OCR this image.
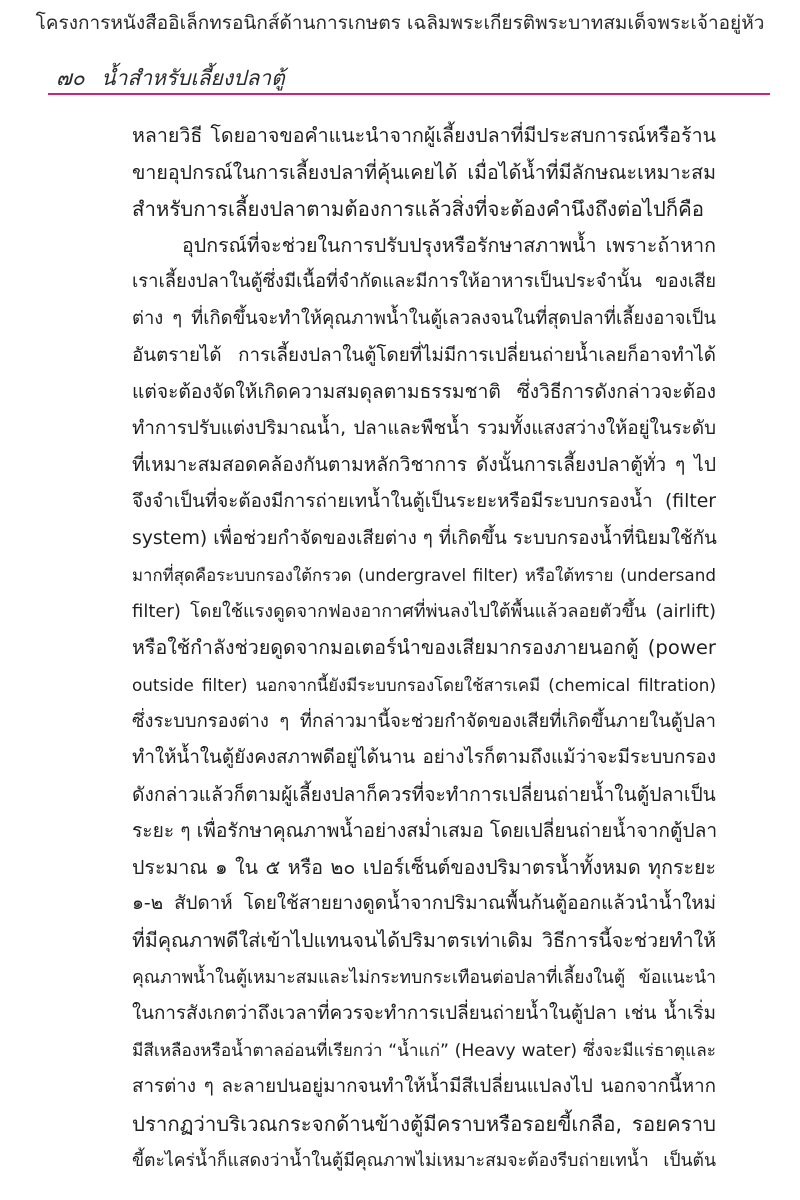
โครงการหนังสืออิเล็กทรอนิกส์ด้านการเกษตร เฉลิมพระเกียรติพระบาทสมเด็จพระเจ้าอยู่หัว
๗๐ น้ำสำหรับเลี้ยงปลาตู้
หลายวิธี โดยอาจขอคำแนะนำจากผู้เลี้ยงปลาที่มีประสบการณ์หรือร้าน
ขายอุปกรณ์ในการเลี้ยงปลาที่คุ้นเคยได้ เมื่อได้น้ำที่มีลักษณะเหมาะสม
สำหรับการเลี้ยงปลาตามต้องการแล้วสิ่งที่จะต้องคำนึงถึงต่อไปก็คือ
อุปกรณ์ที่จะช่วยในการปรับปรุงหรือรักษาสภาพน้ำ เพราะถ้าหาก
เราเลี้ยงปลาในตู้ซึ่งมีเนื้อที่จำกัดและมีการให้อาหารเป็นประจำนั้น ของเสีย
ต่าง ๆ ที่เกิดขึ้นจะทำให้คุณภาพน้ำในตู้เลวลงจนในที่สุดปลาที่เลี้ยงอาจเป็น
อันตรายได้ การเลี้ยงปลาในตู้โดยที่ไม่มีการเปลี่ยนถ่ายน้ำเลยก็อาจทำได้
แต่จะต้องจัดให้เกิดความสมดุลตามธรรมชาติ ซึ่งวิธีการดังกล่าวจะต้อง
ทำการปรับแต่งปริมาณน้ำ, ปลาและพืชน้ำ รวมทั้งแสงสว่างให้อยู่ในระดับ
ที่เหมาะสมสอดคล้องกันตามหลักวิชาการ ดังนั้นการเลี้ยงปลาตู้ทั่ว ๆ ไป
จึงจำเป็นที่จะต้องมีการถ่ายเทน้ำในตู้เป็นระยะหรือมีระบบกรองน้ำ (filter
system) เพื่อช่วยกำจัดของเสียต่าง ๆ ที่เกิดขึ้น ระบบกรองน้ำที่นิยมใช้กัน
มากที่สุดคือระบบกรองใต้กรวด (undergravel filter) หรือใต้ทราย (undersand
filter) โดยใช้แรงดูดจากฟองอากาศที่พ่นลงไปใต้พื้นแล้วลอยตัวขึ้น (airlift)
หรือใช้กำลังช่วยดูดจากมอเตอร์นำของเสียมากรองภายนอกตู้ (power
outside filter) นอกจากนี้ยังมีระบบกรองโดยใช้สารเคมี (chemical filtration)
ซึ่งระบบกรองต่าง ๆ ที่กล่าวมานี้จะช่วยกำจัดของเสียที่เกิดขึ้นภายในตู้ปลา
ทำให้น้ำในตู้ยังคงสภาพดีอยู่ได้นาน อย่างไรก็ตามถึงแม้ว่าจะมีระบบกรอง
ดังกล่าวแล้วก็ตามผู้เลี้ยงปลาก็ควรที่จะทำการเปลี่ยนถ่ายน้ำในตู้ปลาเป็น
ระยะ ๆ เพื่อรักษาคุณภาพน้ำอย่างสม่ำเสมอ โดยเปลี่ยนถ่ายน้ำจากตู้ปลา
ประมาณ ๑ ใน ๕ หรือ ๒๐ เปอร์เซ็นต์ของปริมาตรน้ำทั้งหมด ทุกระยะ
๑-๒ สัปดาห์ โดยใช้สายยางดูดน้ำจากปริมาณพื้นก้นตู้ออกแล้วนำน้ำใหม่
ที่มีคุณภาพดีใส่เข้าไปแทนจนได้ปริมาตรเท่าเดิม วิธีการนี้จะช่วยทำให้
คุณภาพน้ำในตู้เหมาะสมและไม่กระทบกระเทือนต่อปลาที่เลี้ยงในตู้ ข้อแนะนำ
ในการสังเกตว่าถึงเวลาที่ควรจะทำการเปลี่ยนถ่ายน้ำในตู้ปลา เช่น น้ำเริ่ม
มีสีเหลืองหรือน้ำตาลอ่อนที่เรียกว่า “น้ำแก่” (Heavy water) ซึ่งจะมีแร่ธาตุและ
สารต่าง ๆ ละลายปนอยู่มากจนทำให้น้ำมีสีเปลี่ยนแปลงไป นอกจากนี้หาก
ปรากฏว่าบริเวณกระจกด้านข้างตู้มีคราบหรือรอยขี้เกลือ, รอยคราบ
ขี้ตะไคร่น้ำก็แสดงว่าน้ำในตู้มีคุณภาพไม่เหมาะสมจะต้องรีบถ่ายเทน้ำ เป็นต้น
